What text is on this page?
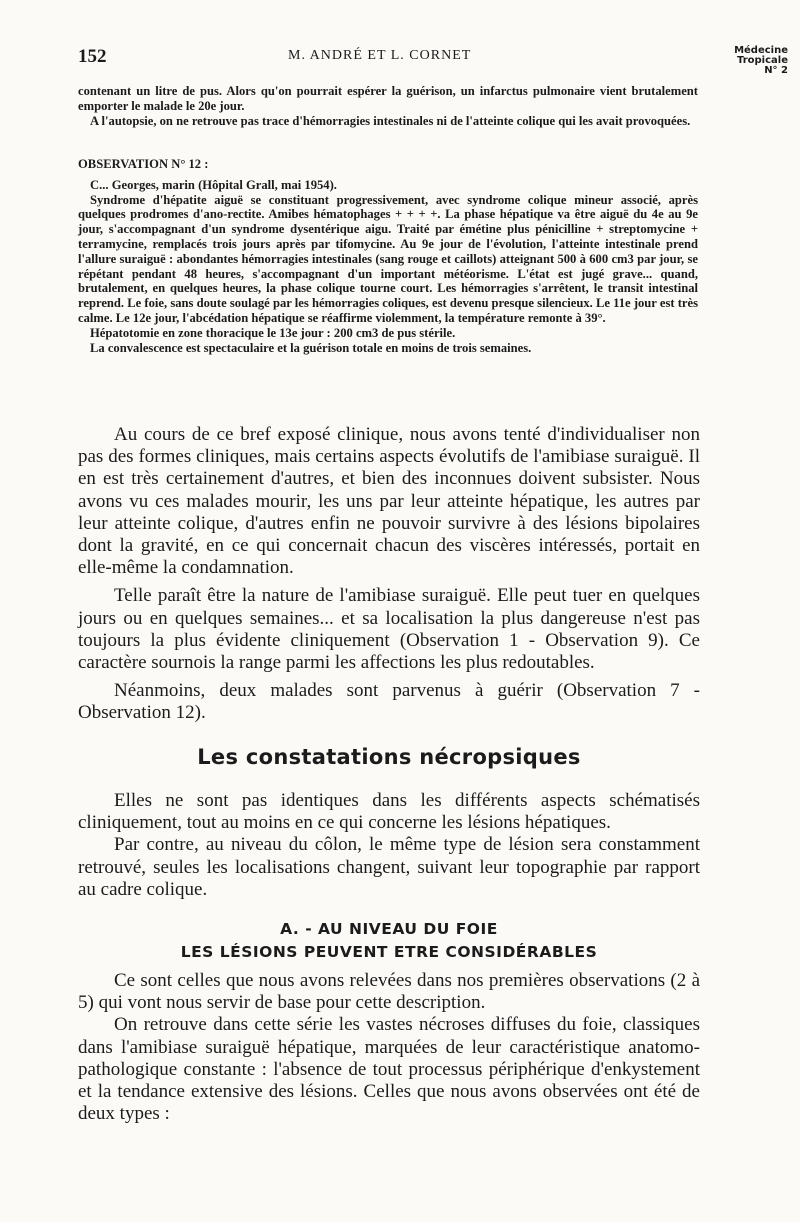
152	M. ANDRÉ ET L. CORNET	Médecine
Tropicale
N° 2

contenant un litre de pus. Alors qu'on pourrait espérer la guérison, un infarctus pulmonaire vient brutalement emporter le malade le 20e jour.

A l'autopsie, on ne retrouve pas trace d'hémorragies intestinales ni de l'atteinte colique qui les avait provoquées.

OBSERVATION N° 12 :

C... Georges, marin (Hôpital Grall, mai 1954).

Syndrome d'hépatite aiguë se constituant progressivement, avec syndrome colique mineur associé, après quelques prodromes d'ano-rectite. Amibes hématophages + + + +. La phase hépatique va être aiguë du 4e au 9e jour, s'accompagnant d'un syndrome dysentérique aigu. Traité par émétine plus pénicilline + streptomycine + terramycine, remplacés trois jours après par tifomycine. Au 9e jour de l'évolution, l'atteinte intestinale prend l'allure suraiguë : abondantes hémorragies intestinales (sang rouge et caillots) atteignant 500 à 600 cm3 par jour, se répétant pendant 48 heures, s'accompagnant d'un important météorisme. L'état est jugé grave... quand, brutalement, en quelques heures, la phase colique tourne court. Les hémorragies s'arrêtent, le transit intestinal reprend. Le foie, sans doute soulagé par les hémorragies coliques, est devenu presque silencieux. Le 11e jour est très calme. Le 12e jour, l'abcédation hépatique se réaffirme violemment, la température remonte à 39°.

Hépatotomie en zone thoracique le 13e jour : 200 cm3 de pus stérile.

La convalescence est spectaculaire et la guérison totale en moins de trois semaines.

Au cours de ce bref exposé clinique, nous avons tenté d'individualiser non pas des formes cliniques, mais certains aspects évolutifs de l'amibiase suraiguë. Il en est très certainement d'autres, et bien des inconnues doivent subsister. Nous avons vu ces malades mourir, les uns par leur atteinte hépatique, les autres par leur atteinte colique, d'autres enfin ne pouvoir survivre à des lésions bipolaires dont la gravité, en ce qui concernait chacun des viscères intéressés, portait en elle-même la condamnation.

Telle paraît être la nature de l'amibiase suraiguë. Elle peut tuer en quelques jours ou en quelques semaines... et sa localisation la plus dangereuse n'est pas toujours la plus évidente cliniquement (Observation 1 - Observation 9). Ce caractère sournois la range parmi les affections les plus redoutables.

Néanmoins, deux malades sont parvenus à guérir (Observation 7 - Observation 12).

Les constatations nécropsiques

Elles ne sont pas identiques dans les différents aspects schématisés cliniquement, tout au moins en ce qui concerne les lésions hépatiques.

Par contre, au niveau du côlon, le même type de lésion sera constamment retrouvé, seules les localisations changent, suivant leur topographie par rapport au cadre colique.

A. - AU NIVEAU DU FOIE
LES LÉSIONS PEUVENT ETRE CONSIDÉRABLES

Ce sont celles que nous avons relevées dans nos premières observations (2 à 5) qui vont nous servir de base pour cette description.

On retrouve dans cette série les vastes nécroses diffuses du foie, classiques dans l'amibiase suraiguë hépatique, marquées de leur caractéristique anatomo-pathologique constante : l'absence de tout processus périphérique d'enkystement et la tendance extensive des lésions. Celles que nous avons observées ont été de deux types :
